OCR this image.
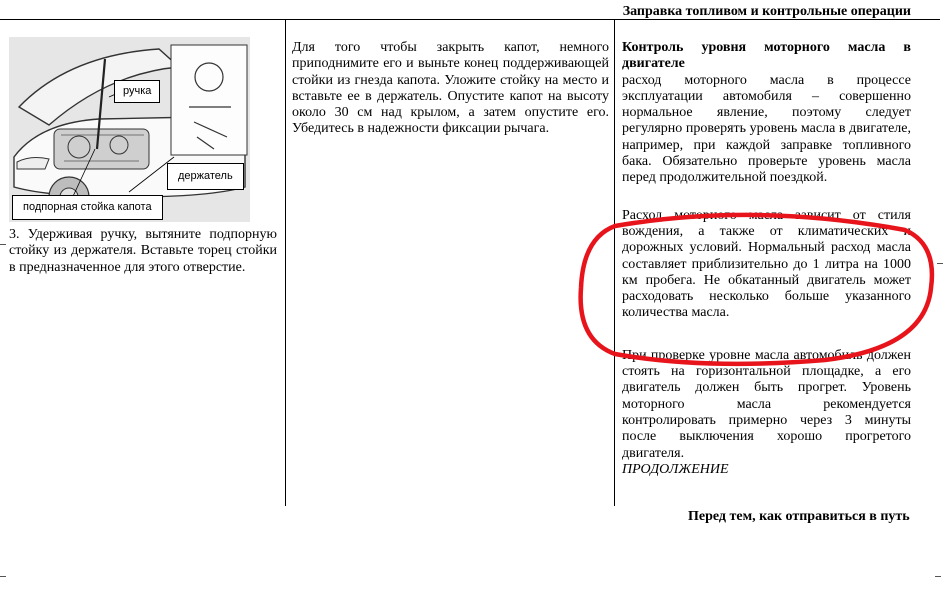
Заправка топливом и контрольные операции
ручка
держатель
подпорная стойка капота

3. Удерживая ручку, вытяните подпорную стойку из держателя. Вставьте торец стойки в предназначенное для этого отверстие.

Для того чтобы закрыть капот, немного приподнимите его и выньте конец поддерживающей стойки из гнезда капота. Уложите стойку на место и вставьте ее в держатель. Опустите капот на высоту около 30 см над крылом, а затем опустите его. Убедитесь в надежности фиксации рычага.

Контроль уровня моторного масла в двигателе

расход моторного масла в процессе эксплуатации автомобиля – совершенно нормальное явление, поэтому следует регулярно проверять уровень масла в двигателе, например, при каждой заправке топливного бака. Обязательно проверьте уровень масла перед продолжительной поездкой.

Расход моторного масла зависит от стиля вождения, а также от климатических и дорожных условий. Нормальный расход масла составляет приблизительно до 1 литра на 1000 км пробега. Не обкатанный двигатель может расходовать несколько больше указанного количества масла.

При проверке уровне масла автомобиль должен стоять на горизонтальной площадке, а его двигатель должен быть прогрет. Уровень моторного масла рекомендуется контролировать примерно через 3 минуты после выключения хорошо прогретого двигателя.

ПРОДОЛЖЕНИЕ

Перед тем, как отправиться в путь
